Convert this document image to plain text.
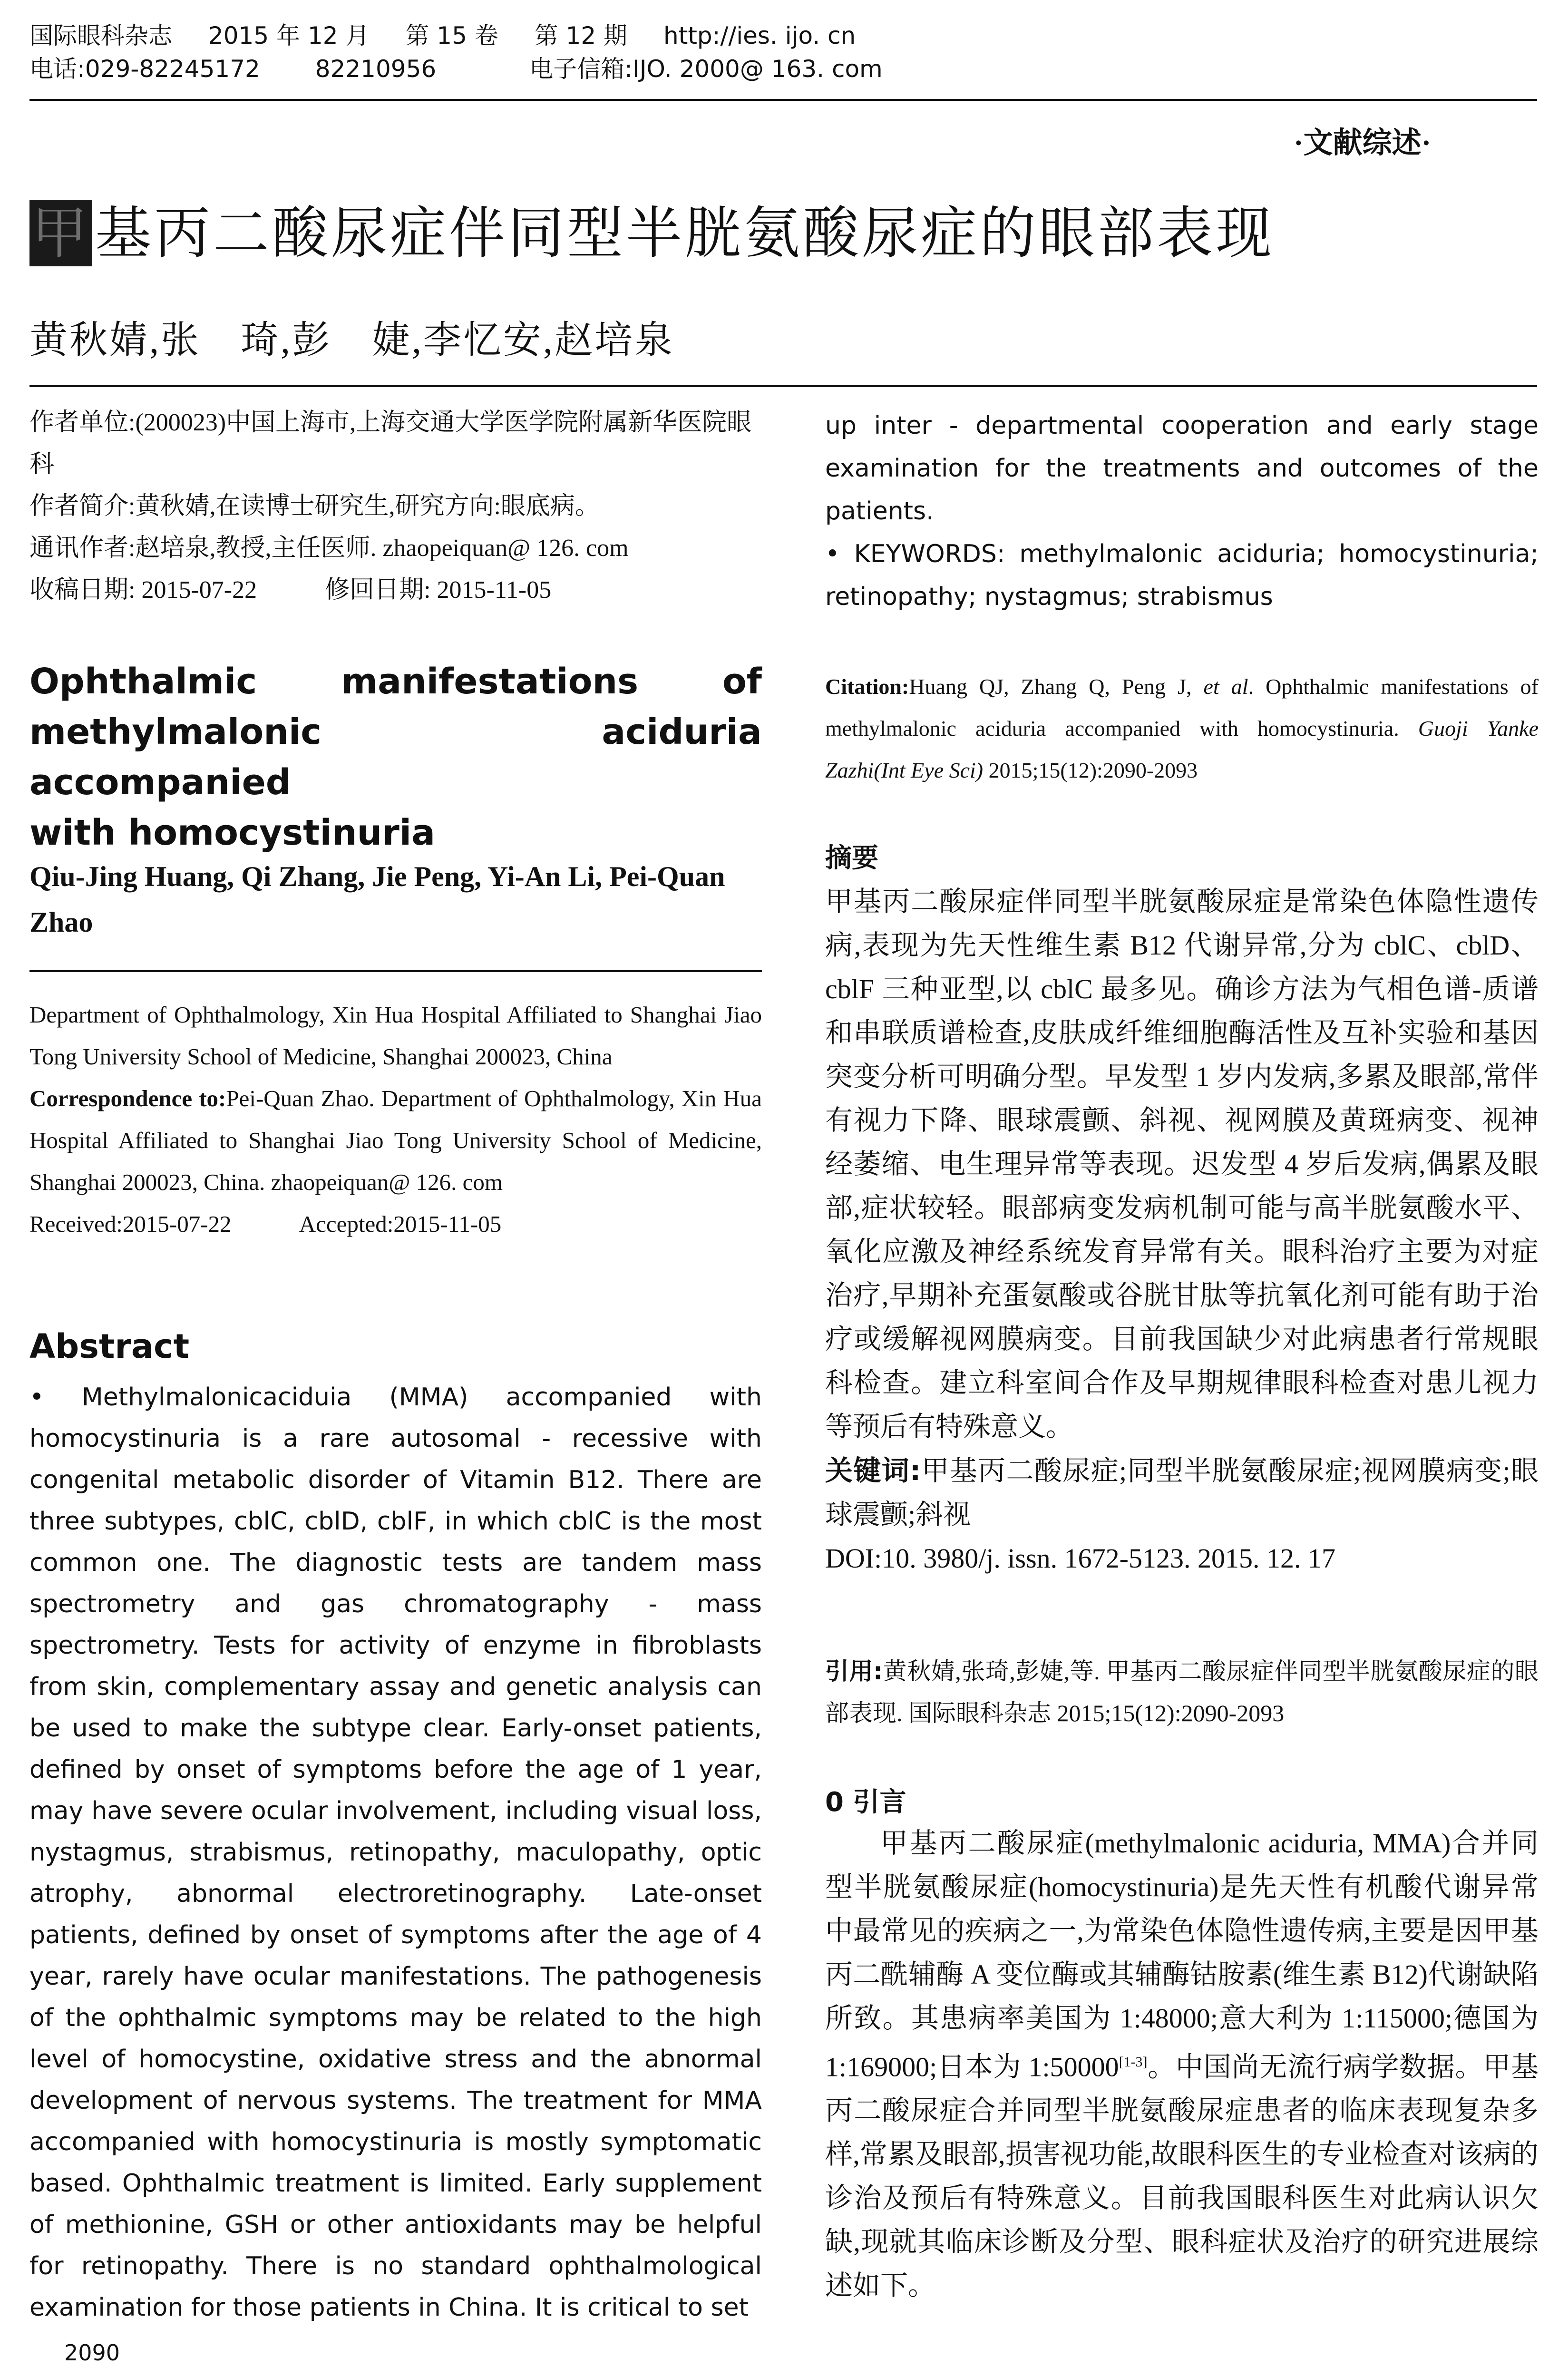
国际眼科杂志 2015 年 12 月 第 15 卷 第 12 期 http://ies. ijo. cn
电话:029-82245172 82210956	电子信箱:IJO. 2000@ 163. com
·文献综述·
甲基丙二酸尿症伴同型半胱氨酸尿症的眼部表现
黄秋婧,张　琦,彭　婕,李忆安,赵培泉
作者单位:(200023)中国上海市,上海交通大学医学院附属新华医院眼科
作者简介:黄秋婧,在读博士研究生,研究方向:眼底病。
通讯作者:赵培泉,教授,主任医师. zhaopeiquan@ 126. com
收稿日期: 2015-07-22	修回日期: 2015-11-05
Ophthalmic manifestations of
methylmalonic aciduria accompanied
with homocystinuria
Qiu-Jing Huang, Qi Zhang, Jie Peng, Yi-An Li, Pei-Quan Zhao
Department of Ophthalmology, Xin Hua Hospital Affiliated to Shanghai Jiao Tong University School of Medicine, Shanghai 200023, China
Correspondence to:Pei-Quan Zhao. Department of Ophthalmology, Xin Hua Hospital Affiliated to Shanghai Jiao Tong University School of Medicine, Shanghai 200023, China. zhaopeiquan@ 126. com
Received:2015-07-22	Accepted:2015-11-05
Abstract
• Methylmalonicaciduia (MMA) accompanied with homocystinuria is a rare autosomal - recessive with congenital metabolic disorder of Vitamin B12. There are three subtypes, cblC, cblD, cblF, in which cblC is the most common one. The diagnostic tests are tandem mass spectrometry and gas chromatography - mass spectrometry. Tests for activity of enzyme in fibroblasts from skin, complementary assay and genetic analysis can be used to make the subtype clear. Early-onset patients, defined by onset of symptoms before the age of 1 year, may have severe ocular involvement, including visual loss, nystagmus, strabismus, retinopathy, maculopathy, optic atrophy, abnormal electroretinography. Late-onset patients, defined by onset of symptoms after the age of 4 year, rarely have ocular manifestations. The pathogenesis of the ophthalmic symptoms may be related to the high level of homocystine, oxidative stress and the abnormal development of nervous systems. The treatment for MMA accompanied with homocystinuria is mostly symptomatic based. Ophthalmic treatment is limited. Early supplement of methionine, GSH or other antioxidants may be helpful for retinopathy. There is no standard ophthalmological examination for those patients in China. It is critical to set
2090
up inter - departmental cooperation and early stage examination for the treatments and outcomes of the patients.
• KEYWORDS: methylmalonic aciduria; homocystinuria; retinopathy; nystagmus; strabismus
Citation:Huang QJ, Zhang Q, Peng J, et al. Ophthalmic manifestations of methylmalonic aciduria accompanied with homocystinuria. Guoji Yanke Zazhi(Int Eye Sci) 2015;15(12):2090-2093
摘要
甲基丙二酸尿症伴同型半胱氨酸尿症是常染色体隐性遗传病,表现为先天性维生素 B12 代谢异常,分为 cblC、cblD、cblF 三种亚型,以 cblC 最多见。确诊方法为气相色谱-质谱和串联质谱检查,皮肤成纤维细胞酶活性及互补实验和基因突变分析可明确分型。早发型 1 岁内发病,多累及眼部,常伴有视力下降、眼球震颤、斜视、视网膜及黄斑病变、视神经萎缩、电生理异常等表现。迟发型 4 岁后发病,偶累及眼部,症状较轻。眼部病变发病机制可能与高半胱氨酸水平、氧化应激及神经系统发育异常有关。眼科治疗主要为对症治疗,早期补充蛋氨酸或谷胱甘肽等抗氧化剂可能有助于治疗或缓解视网膜病变。目前我国缺少对此病患者行常规眼科检查。建立科室间合作及早期规律眼科检查对患儿视力等预后有特殊意义。
关键词:甲基丙二酸尿症;同型半胱氨酸尿症;视网膜病变;眼球震颤;斜视
DOI:10. 3980/j. issn. 1672-5123. 2015. 12. 17
引用:黄秋婧,张琦,彭婕,等. 甲基丙二酸尿症伴同型半胱氨酸尿症的眼部表现. 国际眼科杂志 2015;15(12):2090-2093
0 引言
甲基丙二酸尿症(methylmalonic aciduria, MMA)合并同型半胱氨酸尿症(homocystinuria)是先天性有机酸代谢异常中最常见的疾病之一,为常染色体隐性遗传病,主要是因甲基丙二酰辅酶 A 变位酶或其辅酶钴胺素(维生素 B12)代谢缺陷所致。其患病率美国为 1:48000;意大利为 1:115000;德国为 1:169000;日本为 1:50000[1-3]。中国尚无流行病学数据。甲基丙二酸尿症合并同型半胱氨酸尿症患者的临床表现复杂多样,常累及眼部,损害视功能,故眼科医生的专业检查对该病的诊治及预后有特殊意义。目前我国眼科医生对此病认识欠缺,现就其临床诊断及分型、眼科症状及治疗的研究进展综述如下。
